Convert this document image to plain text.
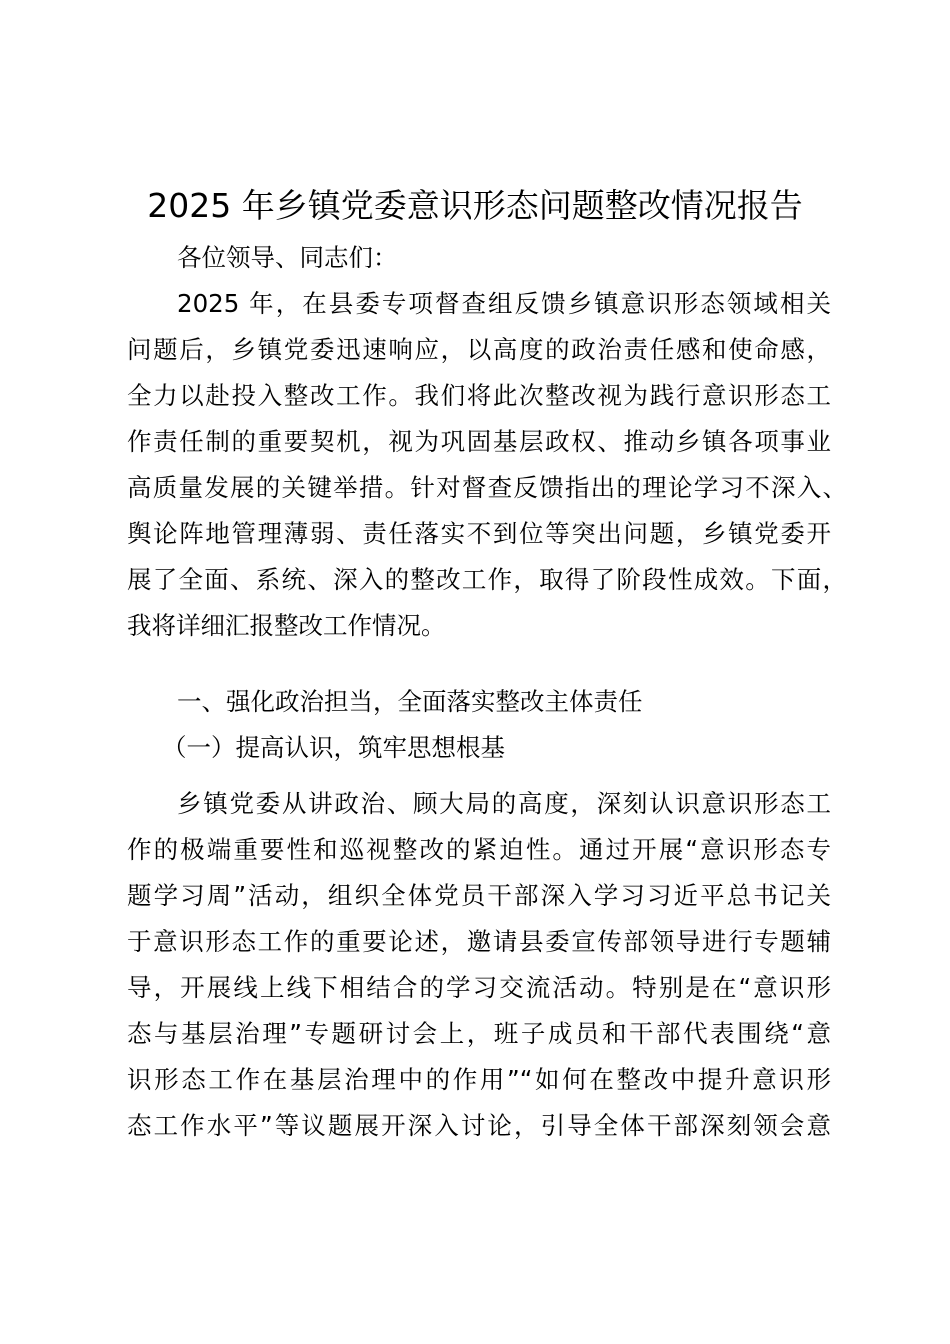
2025 年乡镇党委意识形态问题整改情况报告
各位领导、同志们：
2025 年，在县委专项督查组反馈乡镇意识形态领域相关
问题后，乡镇党委迅速响应，以高度的政治责任感和使命感，
全力以赴投入整改工作。我们将此次整改视为践行意识形态工
作责任制的重要契机，视为巩固基层政权、推动乡镇各项事业
高质量发展的关键举措。针对督查反馈指出的理论学习不深入、
舆论阵地管理薄弱、责任落实不到位等突出问题，乡镇党委开
展了全面、系统、深入的整改工作，取得了阶段性成效。下面，
我将详细汇报整改工作情况。
一、强化政治担当，全面落实整改主体责任
（一）提高认识，筑牢思想根基
乡镇党委从讲政治、顾大局的高度，深刻认识意识形态工
作的极端重要性和巡视整改的紧迫性。通过开展“意识形态专
题学习周”活动，组织全体党员干部深入学习习近平总书记关
于意识形态工作的重要论述，邀请县委宣传部领导进行专题辅
导，开展线上线下相结合的学习交流活动。特别是在“意识形
态与基层治理”专题研讨会上，班子成员和干部代表围绕“意
识形态工作在基层治理中的作用”“如何在整改中提升意识形
态工作水平”等议题展开深入讨论，引导全体干部深刻领会意
